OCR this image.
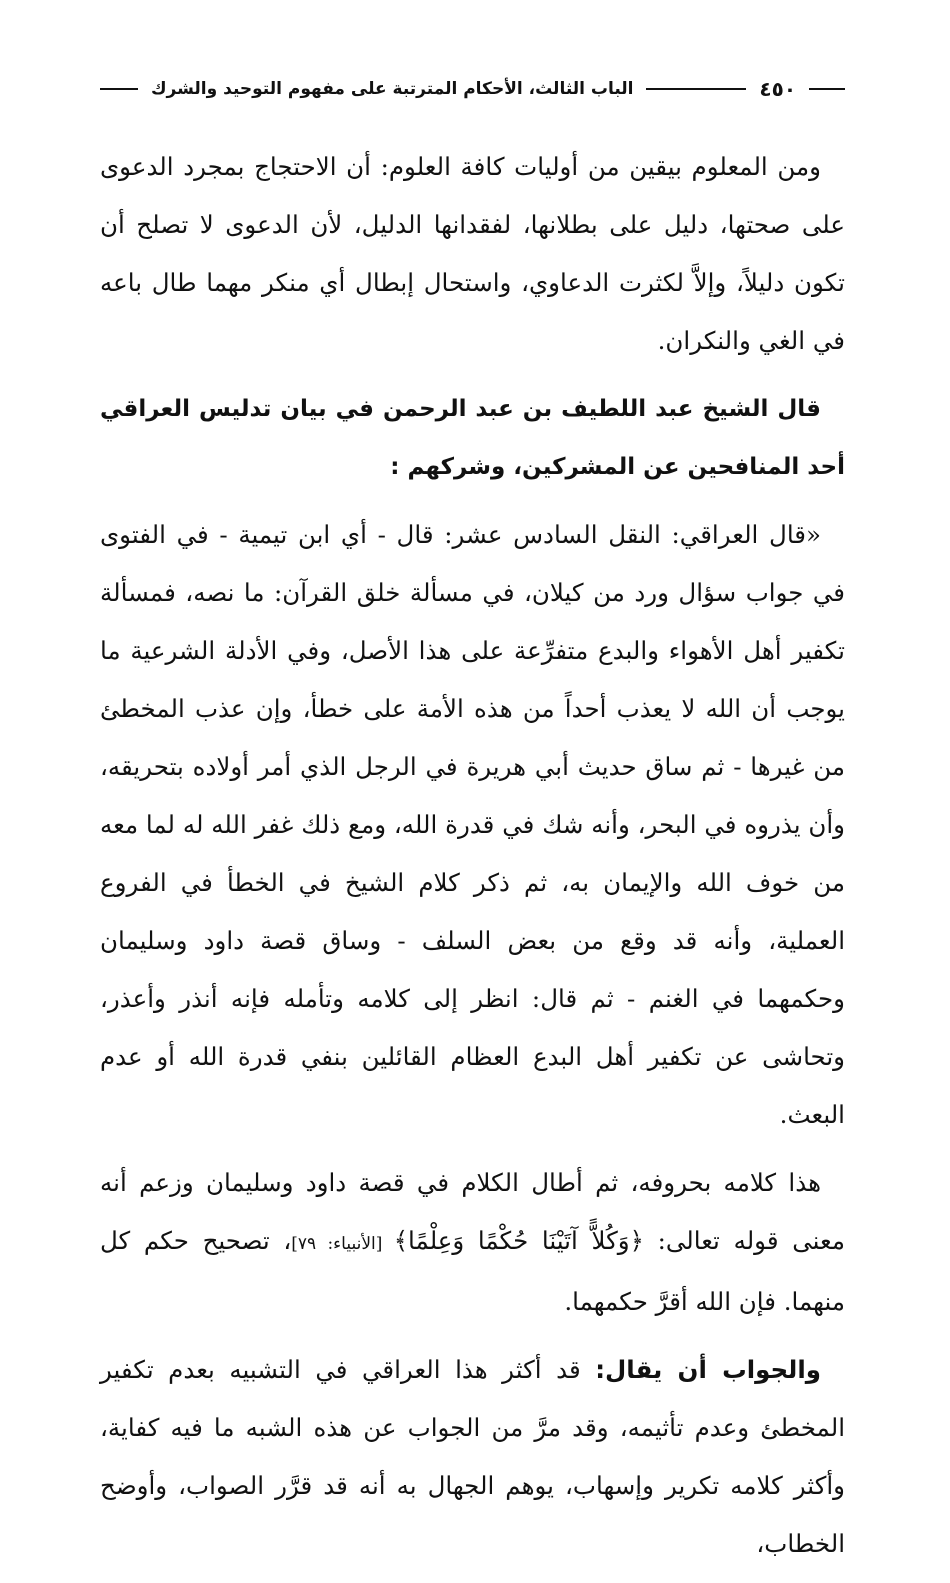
٤٥٠
الباب الثالث، الأحكام المترتبة على مفهوم التوحيد والشرك

ومن المعلوم بيقين من أوليات كافة العلوم: أن الاحتجاج بمجرد الدعوى على صحتها، دليل على بطلانها، لفقدانها الدليل، لأن الدعوى لا تصلح أن تكون دليلاً، وإلاَّ لكثرت الدعاوي، واستحال إبطال أي منكر مهما طال باعه في الغي والنكران.

قال الشيخ عبد اللطيف بن عبد الرحمن في بيان تدليس العراقي أحد المنافحين عن المشركين، وشركهم :

«قال العراقي: النقل السادس عشر: قال - أي ابن تيمية - في الفتوى في جواب سؤال ورد من كيلان، في مسألة خلق القرآن: ما نصه، فمسألة تكفير أهل الأهواء والبدع متفرِّعة على هذا الأصل، وفي الأدلة الشرعية ما يوجب أن الله لا يعذب أحداً من هذه الأمة على خطأ، وإن عذب المخطئ من غيرها - ثم ساق حديث أبي هريرة في الرجل الذي أمر أولاده بتحريقه، وأن يذروه في البحر، وأنه شك في قدرة الله، ومع ذلك غفر الله له لما معه من خوف الله والإيمان به، ثم ذكر كلام الشيخ في الخطأ في الفروع العملية، وأنه قد وقع من بعض السلف - وساق قصة داود وسليمان وحكمهما في الغنم - ثم قال: انظر إلى كلامه وتأمله فإنه أنذر وأعذر، وتحاشى عن تكفير أهل البدع العظام القائلين بنفي قدرة الله أو عدم البعث.

هذا كلامه بحروفه، ثم أطال الكلام في قصة داود وسليمان وزعم أنه معنى قوله تعالى: ﴿وَكُلاًّ آتَيْنَا حُكْمًا وَعِلْمًا﴾ [الأنبياء: ٧٩]، تصحيح حكم كل منهما. فإن الله أقرَّ حكمهما.

والجواب أن يقال: قد أكثر هذا العراقي في التشبيه بعدم تكفير المخطئ وعدم تأثيمه، وقد مرَّ من الجواب عن هذه الشبه ما فيه كفاية، وأكثر كلامه تكرير وإسهاب، يوهم الجهال به أنه قد قرَّر الصواب، وأوضح الخطاب،
